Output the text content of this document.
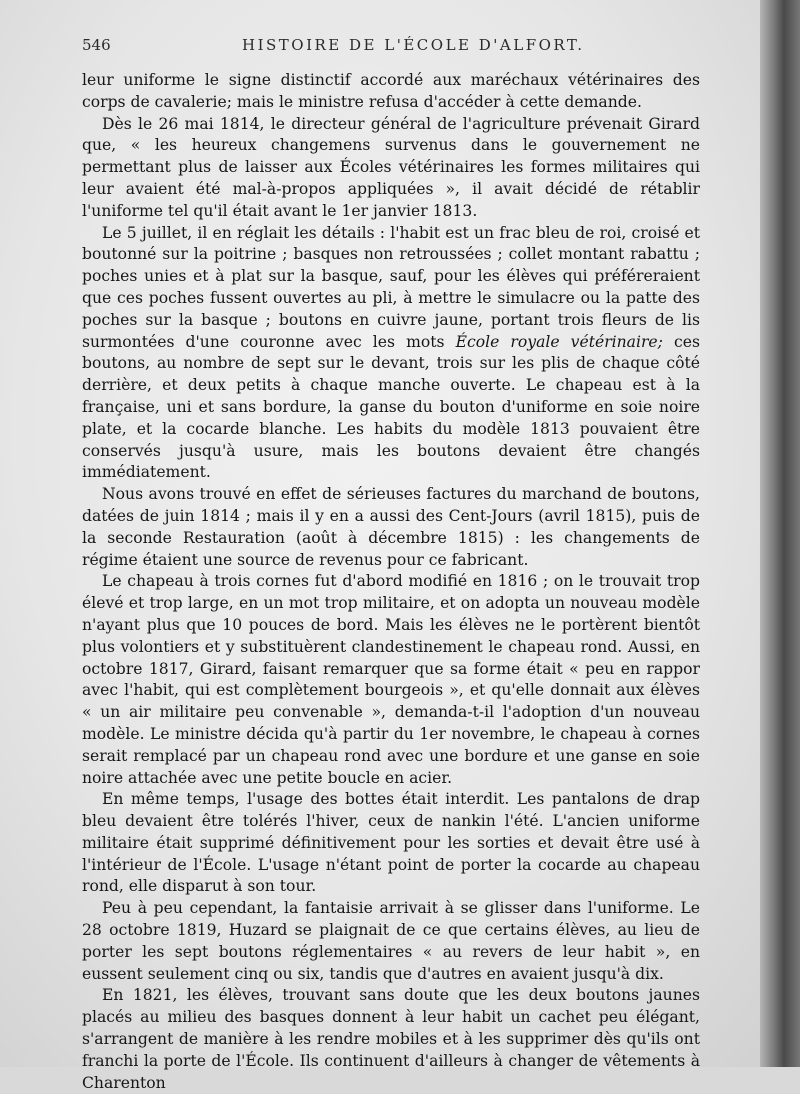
546	HISTOIRE DE L'ÉCOLE D'ALFORT.

leur uniforme le signe distinctif accordé aux maréchaux vétérinaires des corps de cavalerie; mais le ministre refusa d'accéder à cette demande.

Dès le 26 mai 1814, le directeur général de l'agriculture prévenait Girard que, « les heureux changemens survenus dans le gouvernement ne permettant plus de laisser aux Écoles vétérinaires les formes militaires qui leur avaient été mal-à-propos appliquées », il avait décidé de rétablir l'uniforme tel qu'il était avant le 1er janvier 1813.

Le 5 juillet, il en réglait les détails : l'habit est un frac bleu de roi, croisé et boutonné sur la poitrine ; basques non retroussées ; collet montant rabattu ; poches unies et à plat sur la basque, sauf, pour les élèves qui préféreraient que ces poches fussent ouvertes au pli, à mettre le simulacre ou la patte des poches sur la basque ; boutons en cuivre jaune, portant trois fleurs de lis surmontées d'une couronne avec les mots École royale vétérinaire; ces boutons, au nombre de sept sur le devant, trois sur les plis de chaque côté derrière, et deux petits à chaque manche ouverte. Le chapeau est à la française, uni et sans bordure, la ganse du bouton d'uniforme en soie noire plate, et la cocarde blanche. Les habits du modèle 1813 pouvaient être conservés jusqu'à usure, mais les boutons devaient être changés immédiatement.

Nous avons trouvé en effet de sérieuses factures du marchand de boutons, datées de juin 1814 ; mais il y en a aussi des Cent-Jours (avril 1815), puis de la seconde Restauration (août à décembre 1815) : les changements de régime étaient une source de revenus pour ce fabricant.

Le chapeau à trois cornes fut d'abord modifié en 1816 ; on le trouvait trop élevé et trop large, en un mot trop militaire, et on adopta un nouveau modèle n'ayant plus que 10 pouces de bord. Mais les élèves ne le portèrent bientôt plus volontiers et y substituèrent clandestinement le chapeau rond. Aussi, en octobre 1817, Girard, faisant remarquer que sa forme était « peu en rappor avec l'habit, qui est complètement bourgeois », et qu'elle donnait aux élèves « un air militaire peu convenable », demanda-t-il l'adoption d'un nouveau modèle. Le ministre décida qu'à partir du 1er novembre, le chapeau à cornes serait remplacé par un chapeau rond avec une bordure et une ganse en soie noire attachée avec une petite boucle en acier.

En même temps, l'usage des bottes était interdit. Les pantalons de drap bleu devaient être tolérés l'hiver, ceux de nankin l'été. L'ancien uniforme militaire était supprimé définitivement pour les sorties et devait être usé à l'intérieur de l'École. L'usage n'étant point de porter la cocarde au chapeau rond, elle disparut à son tour.

Peu à peu cependant, la fantaisie arrivait à se glisser dans l'uniforme. Le 28 octobre 1819, Huzard se plaignait de ce que certains élèves, au lieu de porter les sept boutons réglementaires « au revers de leur habit », en eussent seulement cinq ou six, tandis que d'autres en avaient jusqu'à dix.

En 1821, les élèves, trouvant sans doute que les deux boutons jaunes placés au milieu des basques donnent à leur habit un cachet peu élégant, s'arrangent de manière à les rendre mobiles et à les supprimer dès qu'ils ont franchi la porte de l'École. Ils continuent d'ailleurs à changer de vêtements à Charenton
